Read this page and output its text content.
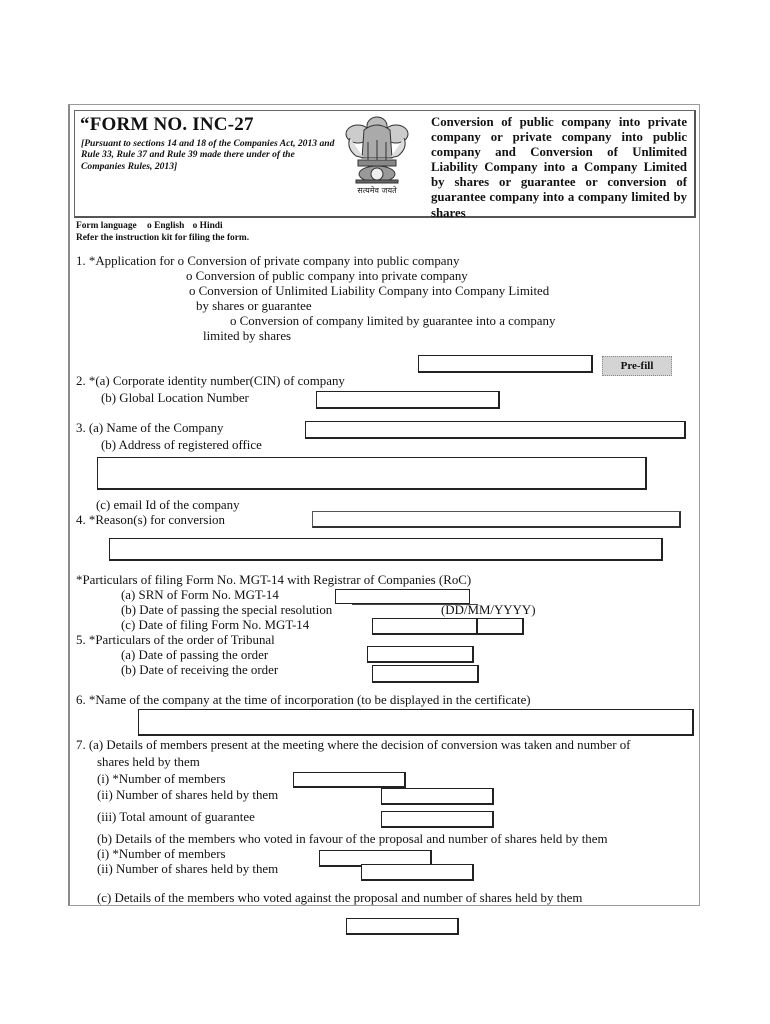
“FORM NO. INC-27
[Pursuant to sections 14 and 18 of the Companies Act, 2013 and Rule 33, Rule 37 and Rule 39 made there under of the Companies Rules, 2013]
सत्यमेव जयते
Conversion of public company into private company or private company into public company and Conversion of Unlimited Liability Company into a Company Limited by shares or guarantee or conversion of guarantee company into a company limited by shares
Form language o English o Hindi
Refer the instruction kit for filing the form.
1. *Application for o Conversion of private company into public company
o Conversion of public company into private company
o Conversion of Unlimited Liability Company into Company Limited
by shares or guarantee
o Conversion of company limited by guarantee into a company
limited by shares
Pre-fill
2. *(a) Corporate identity number(CIN) of company
(b) Global Location Number
3. (a) Name of the Company
(b) Address of registered office
(c) email Id of the company
4. *Reason(s) for conversion
*Particulars of filing Form No. MGT-14 with Registrar of Companies (RoC)
(a) SRN of Form No. MGT-14
(b) Date of passing the special resolution	(DD/MM/YYYY)
(c) Date of filing Form No. MGT-14
5. *Particulars of the order of Tribunal
(a) Date of passing the order
(b) Date of receiving the order
6. *Name of the company at the time of incorporation (to be displayed in the certificate)
7. (a) Details of members present at the meeting where the decision of conversion was taken and number of
shares held by them
(i) *Number of members
(ii) Number of shares held by them
(iii) Total amount of guarantee
(b) Details of the members who voted in favour of the proposal and number of shares held by them
(i) *Number of members
(ii) Number of shares held by them
(c) Details of the members who voted against the proposal and number of shares held by them
